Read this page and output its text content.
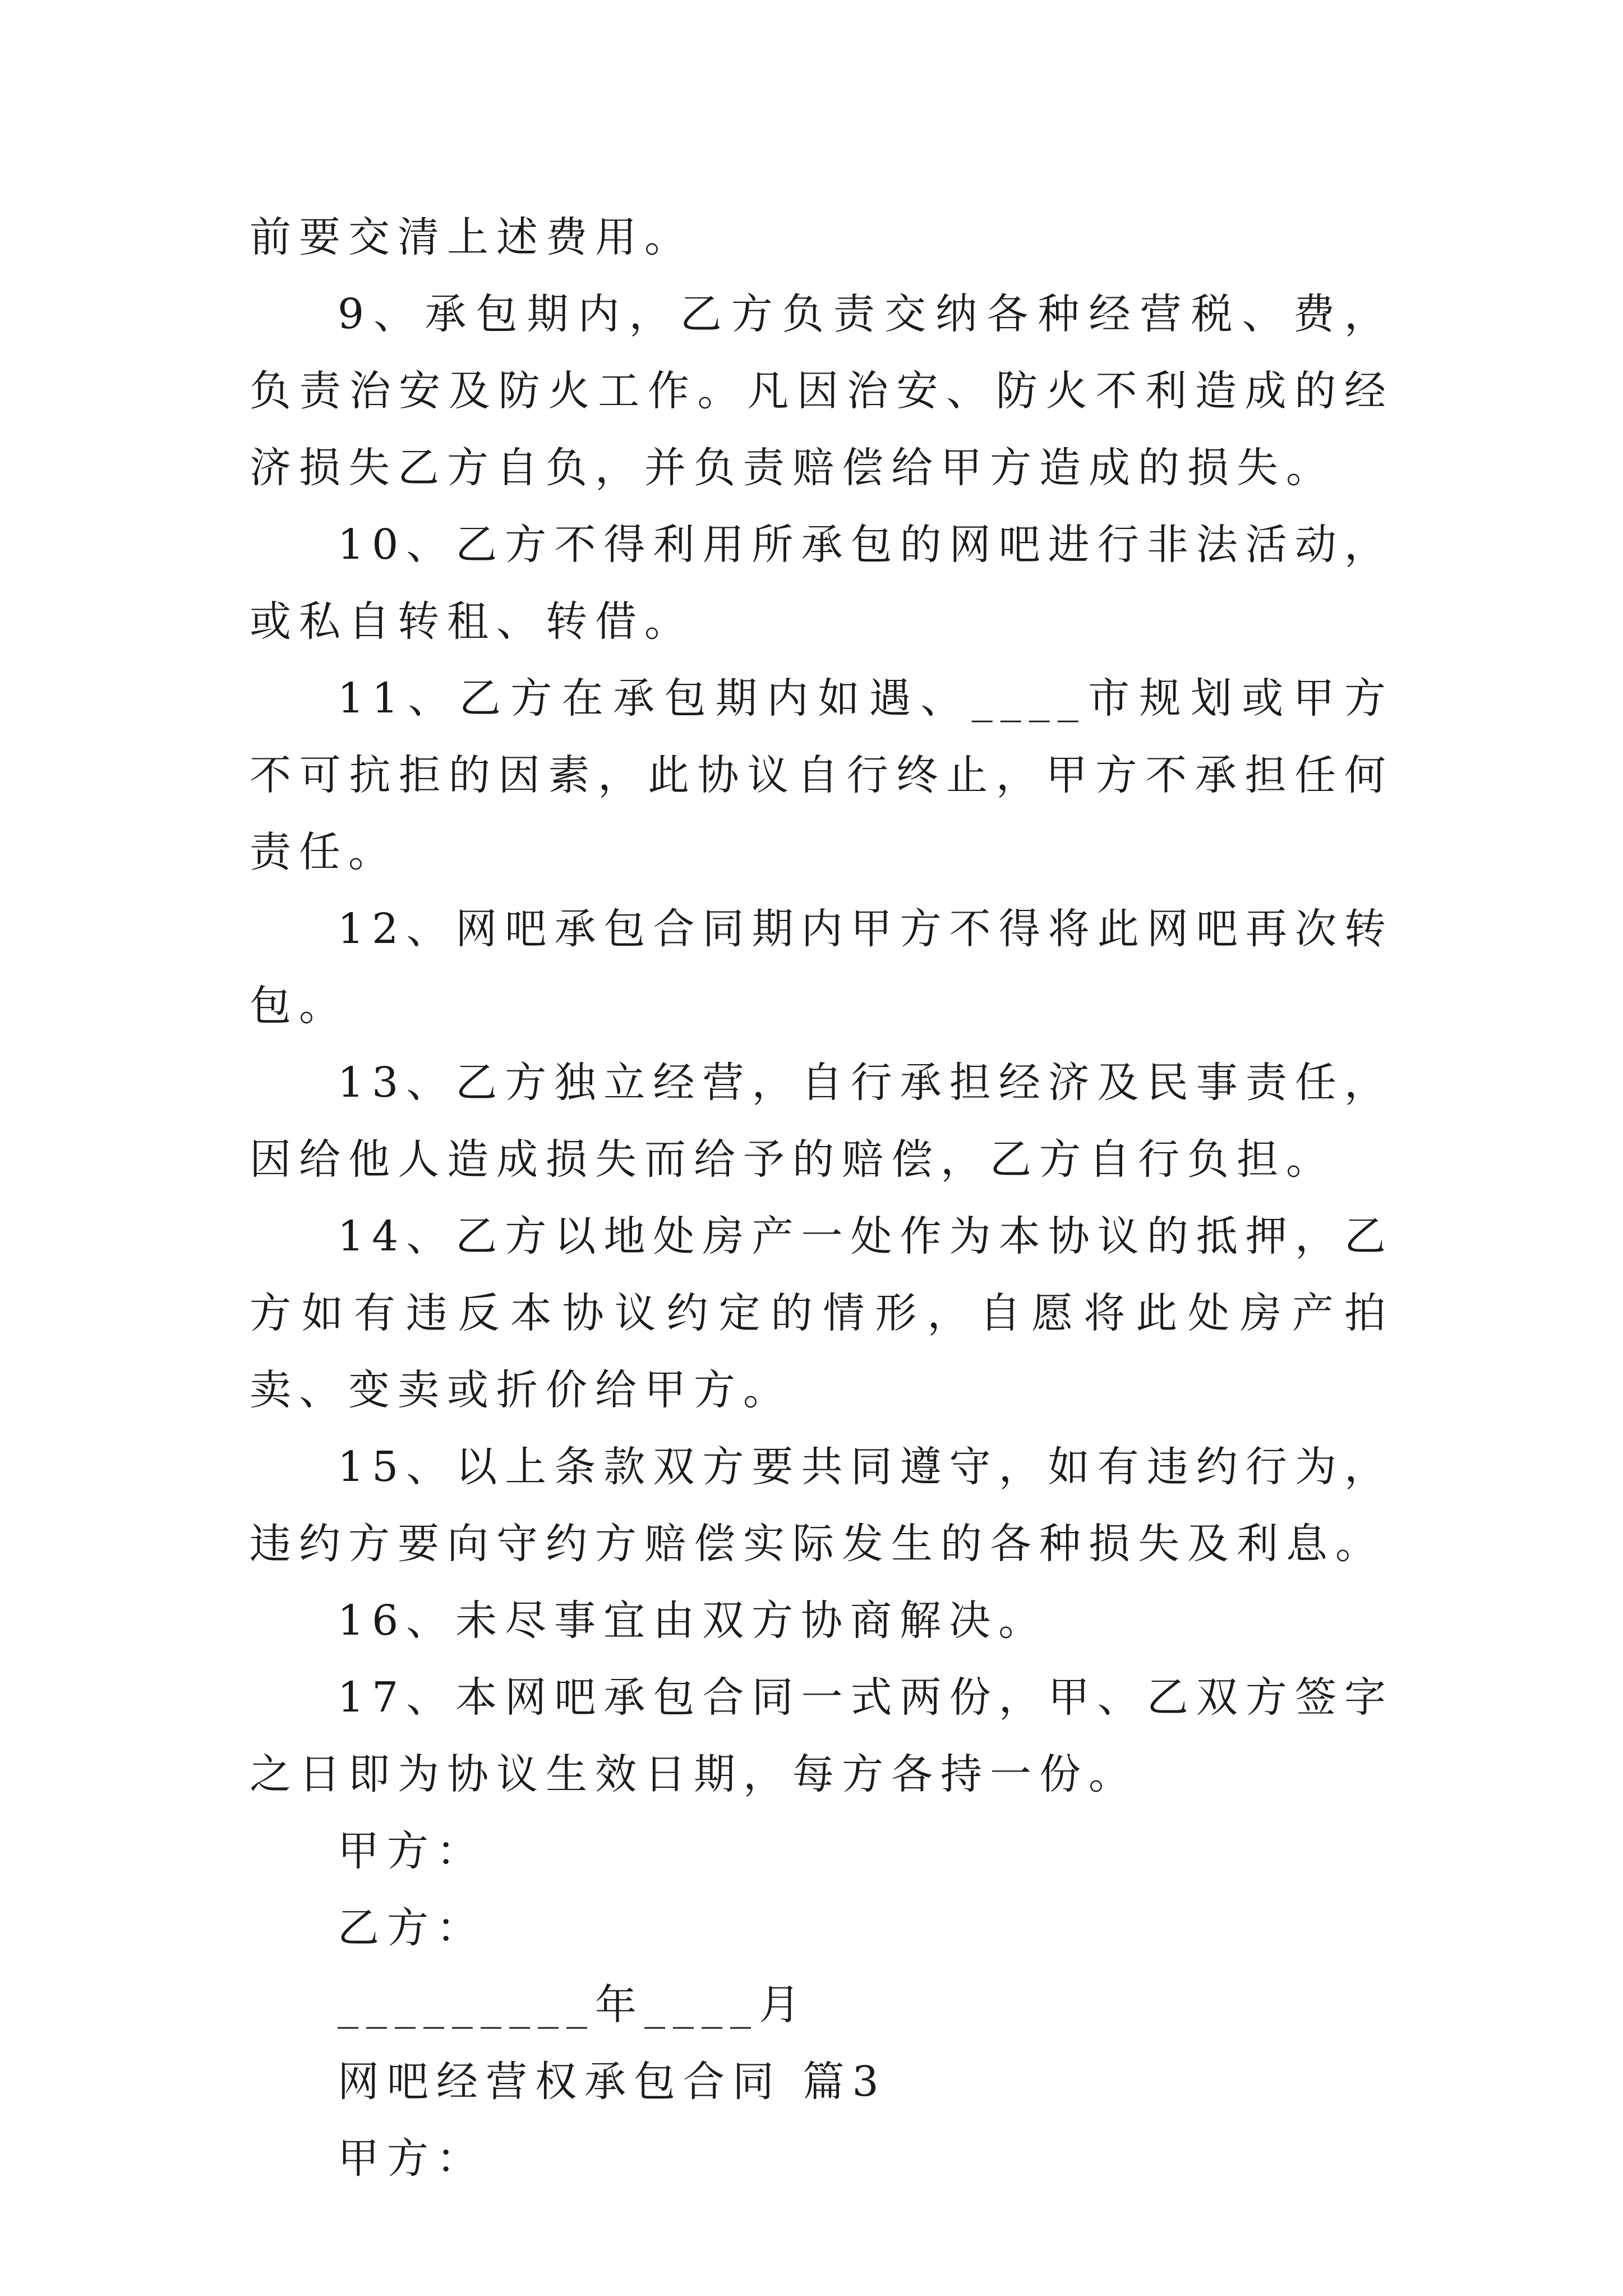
前要交清上述费用。

9、承包期内，乙方负责交纳各种经营税、费，负责治安及防火工作。凡因治安、防火不利造成的经济损失乙方自负，并负责赔偿给甲方造成的损失。

10、乙方不得利用所承包的网吧进行非法活动，或私自转租、转借。

11、乙方在承包期内如遇、____市规划或甲方不可抗拒的因素，此协议自行终止，甲方不承担任何责任。

12、网吧承包合同期内甲方不得将此网吧再次转包。

13、乙方独立经营，自行承担经济及民事责任，因给他人造成损失而给予的赔偿，乙方自行负担。

14、乙方以地处房产一处作为本协议的抵押，乙方如有违反本协议约定的情形，自愿将此处房产拍卖、变卖或折价给甲方。

15、以上条款双方要共同遵守，如有违约行为，违约方要向守约方赔偿实际发生的各种损失及利息。

16、未尽事宜由双方协商解决。

17、本网吧承包合同一式两份，甲、乙双方签字之日即为协议生效日期，每方各持一份。

甲方：

乙方：

_________年____月

网吧经营权承包合同 篇3

甲方：
